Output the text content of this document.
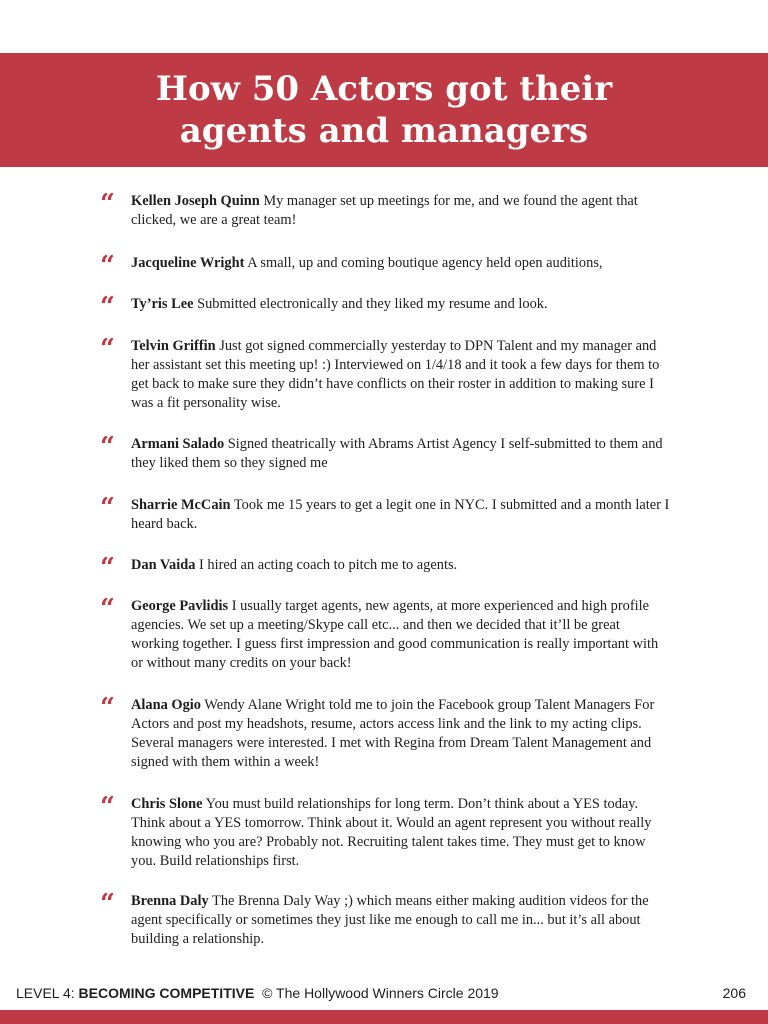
How 50 Actors got their
agents and managers
“ Kellen Joseph Quinn My manager set up meetings for me, and we found the agent that clicked, we are a great team!
“ Jacqueline Wright A small, up and coming boutique agency held open auditions,
“ Ty’ris Lee Submitted electronically and they liked my resume and look.
“ Telvin Griffin Just got signed commercially yesterday to DPN Talent and my manager and her assistant set this meeting up! :) Interviewed on 1/4/18 and it took a few days for them to get back to make sure they didn’t have conflicts on their roster in addition to making sure I was a fit personality wise.
“ Armani Salado Signed theatrically with Abrams Artist Agency I self-submitted to them and they liked them so they signed me
“ Sharrie McCain Took me 15 years to get a legit one in NYC. I submitted and a month later I heard back.
“ Dan Vaida I hired an acting coach to pitch me to agents.
“ George Pavlidis I usually target agents, new agents, at more experienced and high profile agencies. We set up a meeting/Skype call etc... and then we decided that it’ll be great working together. I guess first impression and good communication is really important with or without many credits on your back!
“ Alana Ogio Wendy Alane Wright told me to join the Facebook group Talent Managers For Actors and post my headshots, resume, actors access link and the link to my acting clips. Several managers were interested. I met with Regina from Dream Talent Management and signed with them within a week!
“ Chris Slone You must build relationships for long term. Don’t think about a YES today. Think about a YES tomorrow. Think about it. Would an agent represent you without really knowing who you are? Probably not. Recruiting talent takes time. They must get to know you. Build relationships first.
“ Brenna Daly The Brenna Daly Way ;) which means either making audition videos for the agent specifically or sometimes they just like me enough to call me in... but it’s all about building a relationship.
LEVEL 4: BECOMING COMPETITIVE  © The Hollywood Winners Circle 2019	206
